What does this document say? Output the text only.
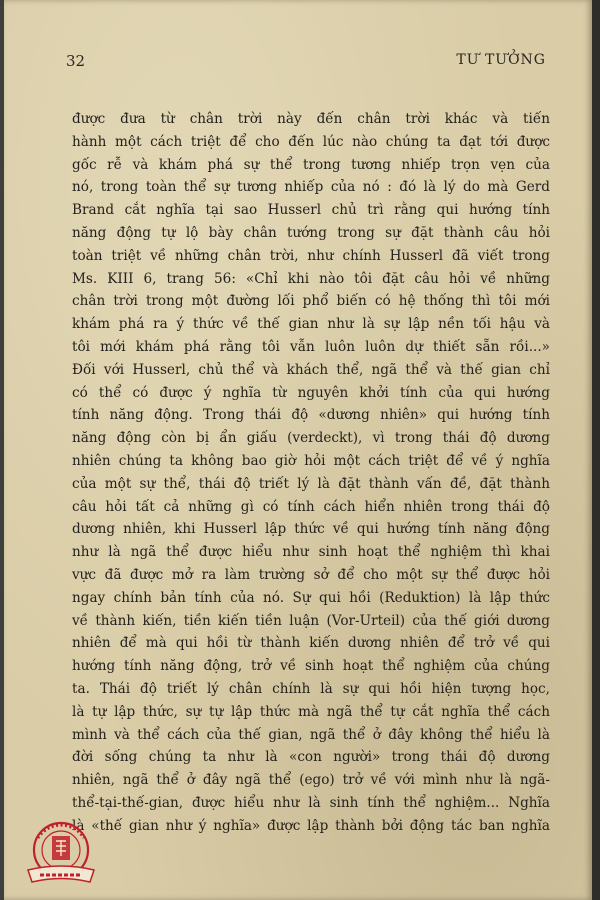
32	TƯ TƯỞNG
được đưa từ chân trời này đến chân trời khác và tiến
hành một cách triệt để cho đến lúc nào chúng ta đạt tới được
gốc rễ và khám phá sự thể trong tương nhiếp trọn vẹn của
nó, trong toàn thể sự tương nhiếp của nó : đó là lý do mà Gerd
Brand cắt nghĩa tại sao Husserl chủ trì rằng qui hướng tính
năng động tự lộ bày chân tướng trong sự đặt thành câu hỏi
toàn triệt về những chân trời, như chính Husserl đã viết trong
Ms. KIII 6, trang 56: «Chỉ khi nào tôi đặt câu hỏi về những
chân trời trong một đường lối phổ biến có hệ thống thì tôi mới
khám phá ra ý thức về thế gian như là sự lập nền tối hậu và
tôi mới khám phá rằng tôi vẫn luôn luôn dự thiết sẵn rồi...»
Đối với Husserl, chủ thể và khách thể, ngã thể và thế gian chỉ
có thể có được ý nghĩa từ nguyên khởi tính của qui hướng
tính năng động. Trong thái độ «dương nhiên» qui hướng tính
năng động còn bị ẩn giấu (verdeckt), vì trong thái độ dương
nhiên chúng ta không bao giờ hỏi một cách triệt để về ý nghĩa
của một sự thể, thái độ triết lý là đặt thành vấn đề, đặt thành
câu hỏi tất cả những gì có tính cách hiển nhiên trong thái độ
dương nhiên, khi Husserl lập thức về qui hướng tính năng động
như là ngã thể được hiểu như sinh hoạt thể nghiệm thì khai
vực đã được mở ra làm trường sở để cho một sự thể được hỏi
ngay chính bản tính của nó. Sự qui hồi (Reduktion) là lập thức
về thành kiến, tiền kiến tiền luận (Vor-Urteil) của thế giới dương
nhiên để mà qui hồi từ thành kiến dương nhiên để trở về qui
hướng tính năng động, trở về sinh hoạt thể nghiệm của chúng
ta. Thái độ triết lý chân chính là sự qui hồi hiện tượng học,
là tự lập thức, sự tự lập thức mà ngã thể tự cắt nghĩa thể cách
mình và thể cách của thế gian, ngã thể ở đây không thể hiểu là
đời sống chúng ta như là «con người» trong thái độ dương
nhiên, ngã thể ở đây ngã thể (ego) trở về với mình như là ngã-
thể-tại-thế-gian, được hiểu như là sinh tính thể nghiệm... Nghĩa
là «thế gian như ý nghĩa» được lập thành bởi động tác ban nghĩa
